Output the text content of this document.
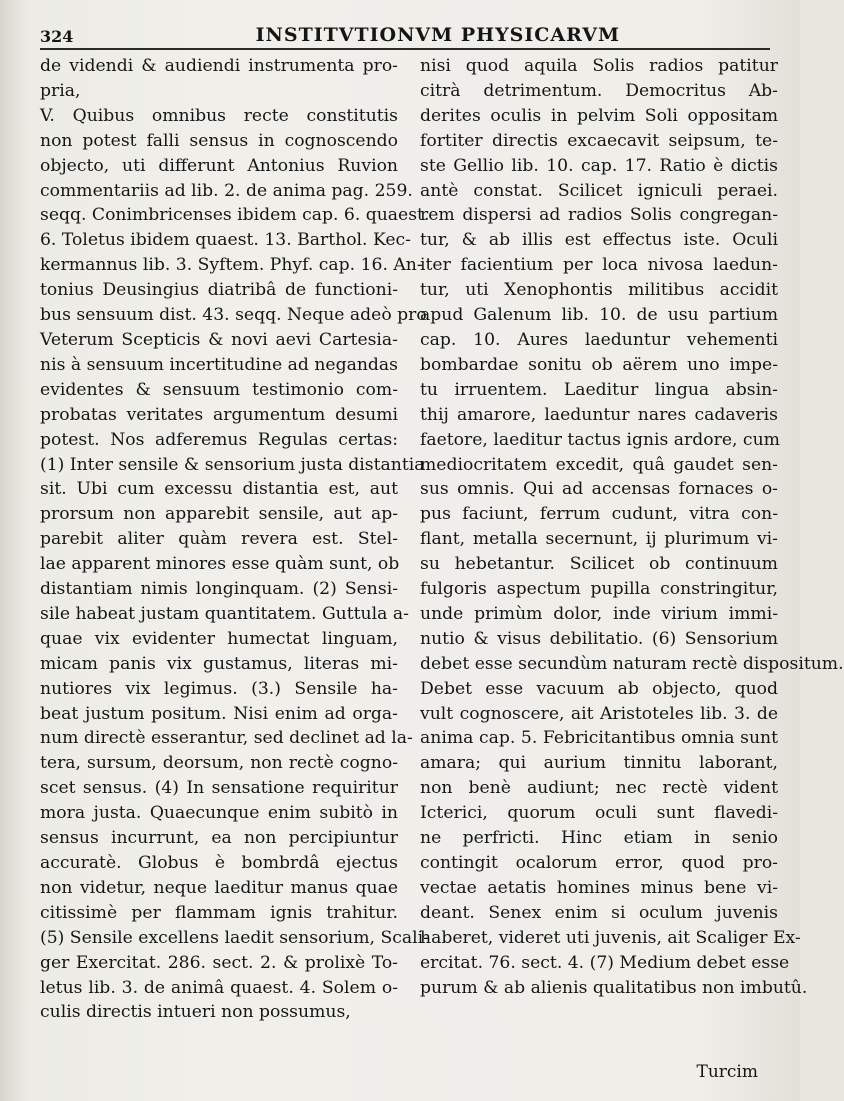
324	INSTITVTIONVM PHYSICARVM
de videndi & audiendi instrumenta pro-
pria,
V. Quibus omnibus recte constitutis
non potest falli sensus in cognoscendo
objecto, uti differunt Antonius Ruvion
commentariis ad lib. 2. de anima pag. 259.
seqq. Conimbricenses ibidem cap. 6. quaest.
6. Toletus ibidem quaest. 13. Barthol. Kec-
kermannus lib. 3. Syftem. Phyf. cap. 16. An-
tonius Deusingius diatribâ de functioni-
bus sensuum dist. 43. seqq. Neque adeò pro
Veterum Scepticis & novi aevi Cartesia-
nis à sensuum incertitudine ad negandas
evidentes & sensuum testimonio com-
probatas veritates argumentum desumi
potest. Nos adferemus Regulas certas:
(1) Inter sensile & sensorium justa distantia
sit. Ubi cum excessu distantia est, aut
prorsum non apparebit sensile, aut ap-
parebit aliter quàm revera est. Stel-
lae apparent minores esse quàm sunt, ob
distantiam nimis longinquam. (2) Sensi-
sile habeat justam quantitatem. Guttula a-
quae vix evidenter humectat linguam,
micam panis vix gustamus, literas mi-
nutiores vix legimus. (3.) Sensile ha-
beat justum positum. Nisi enim ad orga-
num directè esserantur, sed declinet ad la-
tera, sursum, deorsum, non rectè cogno-
scet sensus. (4) In sensatione requiritur
mora justa. Quaecunque enim subitò in
sensus incurrunt, ea non percipiuntur
accuratè. Globus è bombrdâ ejectus
non videtur, neque laeditur manus quae
citissimè per flammam ignis trahitur.
(5) Sensile excellens laedit sensorium, Scali-
ger Exercitat. 286. sect. 2. & prolixè To-
letus lib. 3. de animâ quaest. 4. Solem o-
culis directis intueri non possumus,
nisi quod aquila Solis radios patitur
citrà detrimentum. Democritus Ab-
derites oculis in pelvim Soli oppositam
fortiter directis excaecavit seipsum, te-
ste Gellio lib. 10. cap. 17. Ratio è dictis
antè constat. Scilicet igniculi peraei.
rem dispersi ad radios Solis congregan-
tur, & ab illis est effectus iste. Oculi
iter facientium per loca nivosa laedun-
tur, uti Xenophontis militibus accidit
apud Galenum lib. 10. de usu partium
cap. 10. Aures laeduntur vehementi
bombardae sonitu ob aërem uno impe-
tu irruentem. Laeditur lingua absin-
thij amarore, laeduntur nares cadaveris
faetore, laeditur tactus ignis ardore, cum
mediocritatem excedit, quâ gaudet sen-
sus omnis. Qui ad accensas fornaces o-
pus faciunt, ferrum cudunt, vitra con-
flant, metalla secernunt, ij plurimum vi-
su hebetantur. Scilicet ob continuum
fulgoris aspectum pupilla constringitur,
unde primùm dolor, inde virium immi-
nutio & visus debilitatio. (6) Sensorium
debet esse secundùm naturam rectè dispositum.
Debet esse vacuum ab objecto, quod
vult cognoscere, ait Aristoteles lib. 3. de
anima cap. 5. Febricitantibus omnia sunt
amara; qui aurium tinnitu laborant,
non benè audiunt; nec rectè vident
Icterici, quorum oculi sunt flavedi-
ne perfricti. Hinc etiam in senio
contingit ocalorum error, quod pro-
vectae aetatis homines minus bene vi-
deant. Senex enim si oculum juvenis
haberet, videret uti juvenis, ait Scaliger Ex-
ercitat. 76. sect. 4. (7) Medium debet esse
purum & ab alienis qualitatibus non imbutû.
Turcim
